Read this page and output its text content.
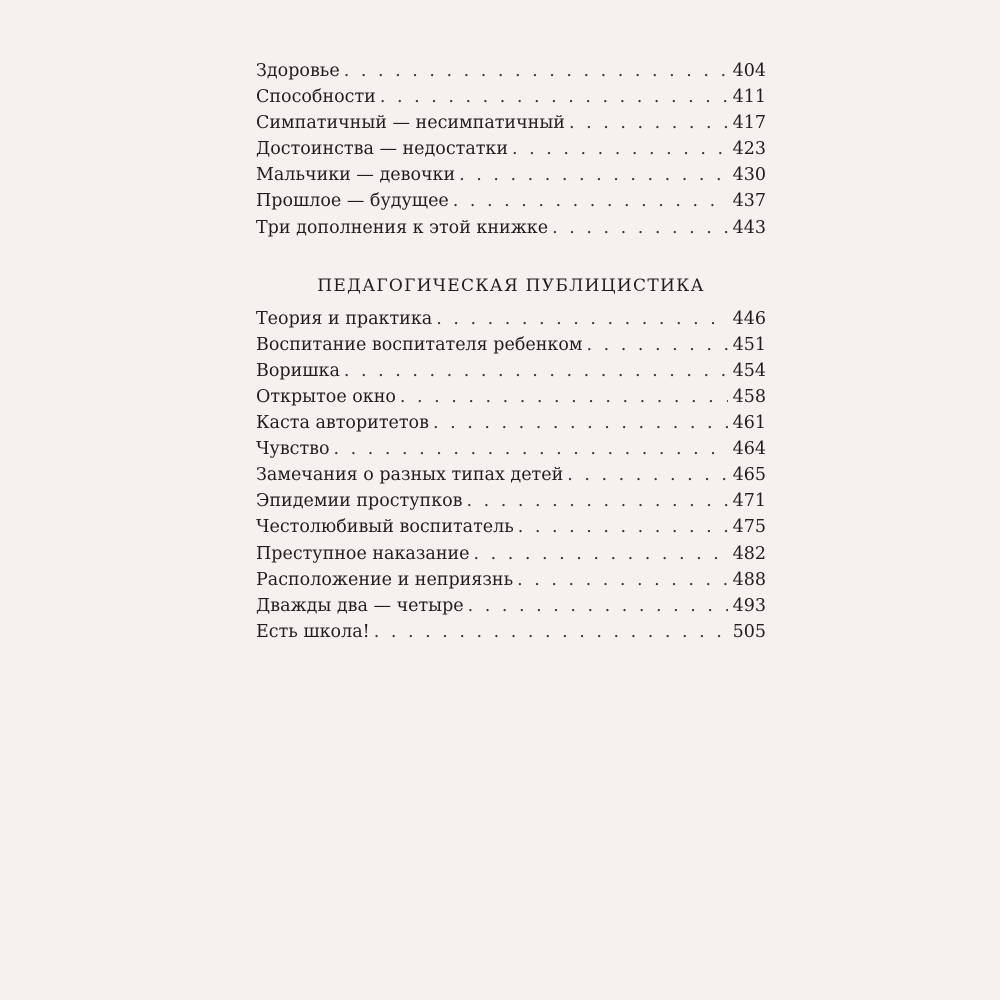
Здоровье . . .	404
Способности . . .	411
Симпатичный — несимпатичный . . .	417
Достоинства — недостатки . . .	423
Мальчики — девочки . . .	430
Прошлое — будущее . . .	437
Три дополнения к этой книжке . . .	443
ПЕДАГОГИЧЕСКАЯ ПУБЛИЦИСТИКА
Теория и практика . . .	446
Воспитание воспитателя ребенком . . .	451
Воришка . . .	454
Открытое окно . . .	458
Каста авторитетов . . .	461
Чувство . . .	464
Замечания о разных типах детей . . .	465
Эпидемии проступков . . .	471
Честолюбивый воспитатель . . .	475
Преступное наказание . . .	482
Расположение и неприязнь . . .	488
Дважды два — четыре . . .	493
Есть школа! . . .	505
